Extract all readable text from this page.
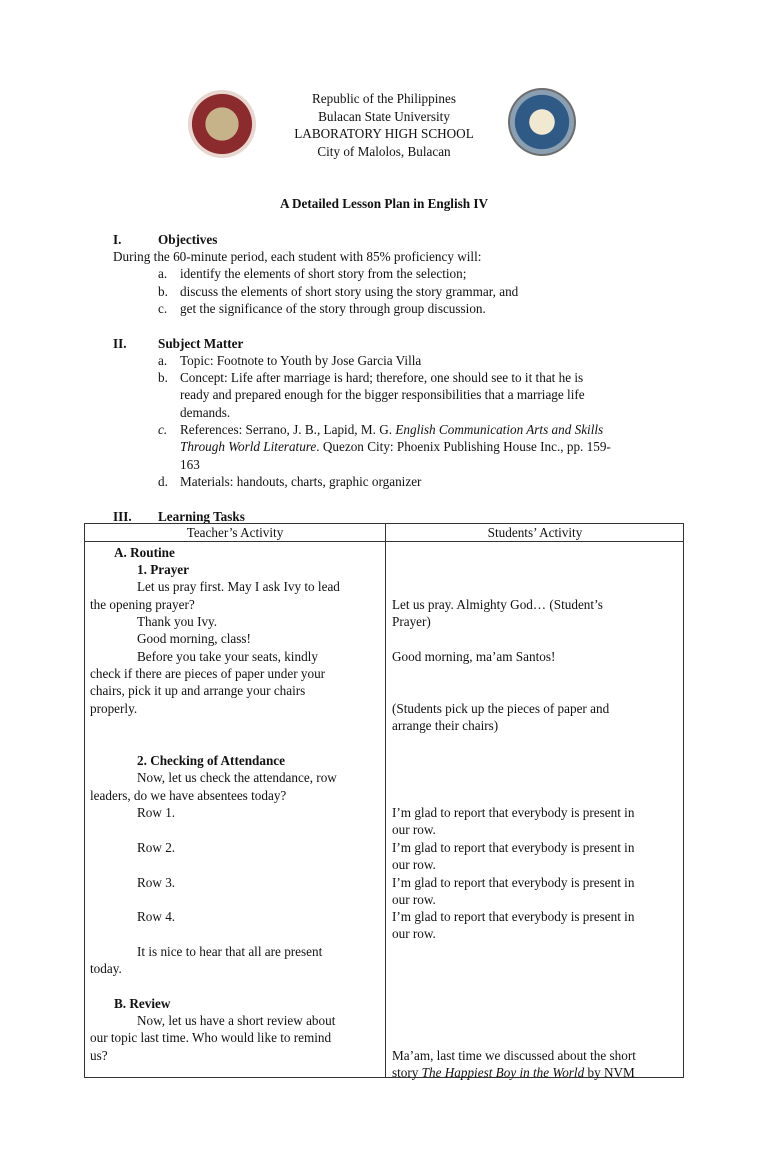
Republic of the Philippines
Bulacan State University
LABORATORY HIGH SCHOOL
City of Malolos, Bulacan
A Detailed Lesson Plan in English IV
I.	Objectives
During the 60-minute period, each student with 85% proficiency will:
a. identify the elements of short story from the selection;
b. discuss the elements of short story using the story grammar, and
c. get the significance of the story through group discussion.
II. Subject Matter
a. Topic: Footnote to Youth by Jose Garcia Villa
b. Concept: Life after marriage is hard; therefore, one should see to it that he is
ready and prepared enough for the bigger responsibilities that a marriage life
demands.
c. References: Serrano, J. B., Lapid, M. G. English Communication Arts and Skills
Through World Literature. Quezon City: Phoenix Publishing House Inc., pp. 159-
163
d. Materials: handouts, charts, graphic organizer
III. Learning Tasks
Teacher’s Activity	Students’ Activity
A. Routine
1. Prayer
Let us pray first. May I ask Ivy to lead
the opening prayer?
Thank you Ivy.
Good morning, class!
Before you take your seats, kindly
check if there are pieces of paper under your
chairs, pick it up and arrange your chairs
properly.
2. Checking of Attendance
Now, let us check the attendance, row
leaders, do we have absentees today?
Row 1.
Row 2.
Row 3.
Row 4.
It is nice to hear that all are present
today.
B. Review
Now, let us have a short review about
our topic last time. Who would like to remind
us?
Let us pray. Almighty God… (Student’s
Prayer)
Good morning, ma’am Santos!
(Students pick up the pieces of paper and
arrange their chairs)
I’m glad to report that everybody is present in
our row.
I’m glad to report that everybody is present in
our row.
I’m glad to report that everybody is present in
our row.
I’m glad to report that everybody is present in
our row.
Ma’am, last time we discussed about the short
story The Happiest Boy in the World by NVM
